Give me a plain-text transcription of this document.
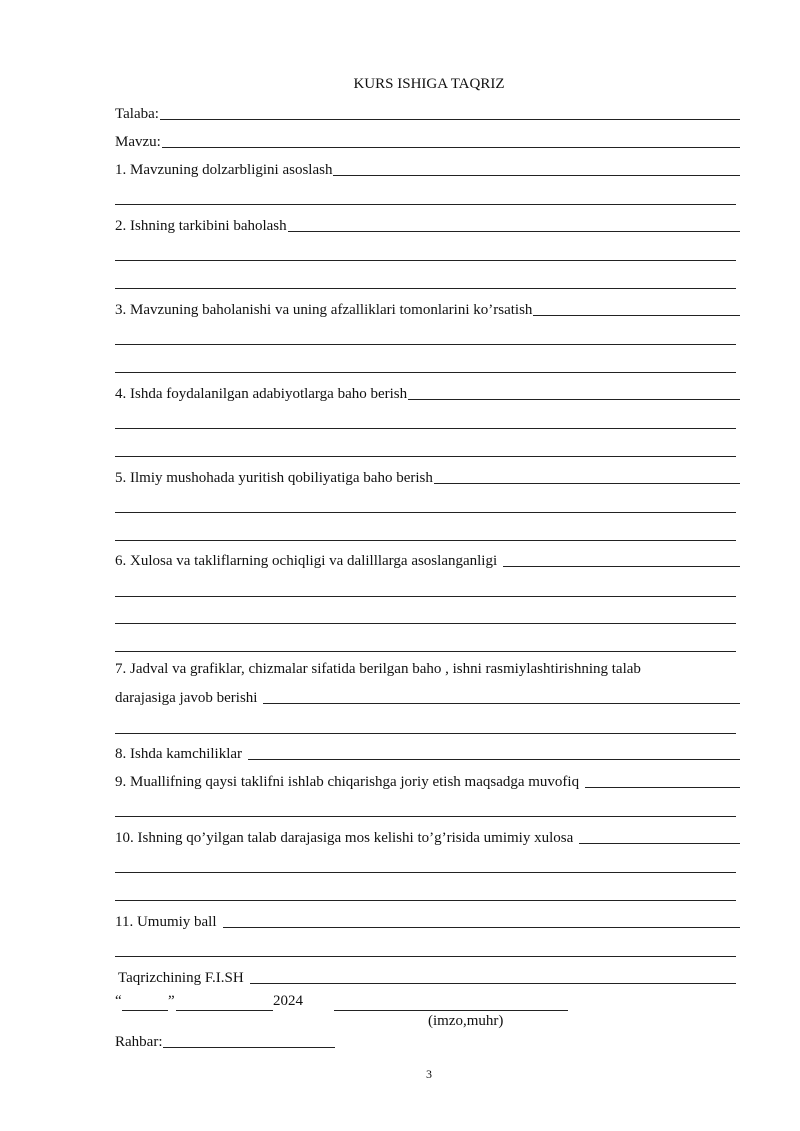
KURS ISHIGA TAQRIZ
Talaba:
Mavzu:
1. Mavzuning dolzarbligini asoslash
2. Ishning tarkibini baholash
3. Mavzuning baholanishi va uning afzalliklari tomonlarini ko’rsatish
4. Ishda foydalanilgan adabiyotlarga baho berish
5. Ilmiy mushohada yuritish qobiliyatiga baho berish
6. Xulosa va takliflarning ochiqligi va dalilllarga asoslanganligi
7. Jadval va grafiklar, chizmalar sifatida berilgan baho , ishni rasmiylashtirishning talab
darajasiga javob berishi
8. Ishda kamchiliklar
9. Muallifning qaysi taklifni ishlab chiqarishga joriy etish maqsadga muvofiq
10. Ishning qo’yilgan talab darajasiga mos kelishi to’g’risida umimiy xulosa
11. Umumiy ball
Taqrizchining F.I.SH
“	”	2024
(imzo,muhr)
Rahbar:
3
